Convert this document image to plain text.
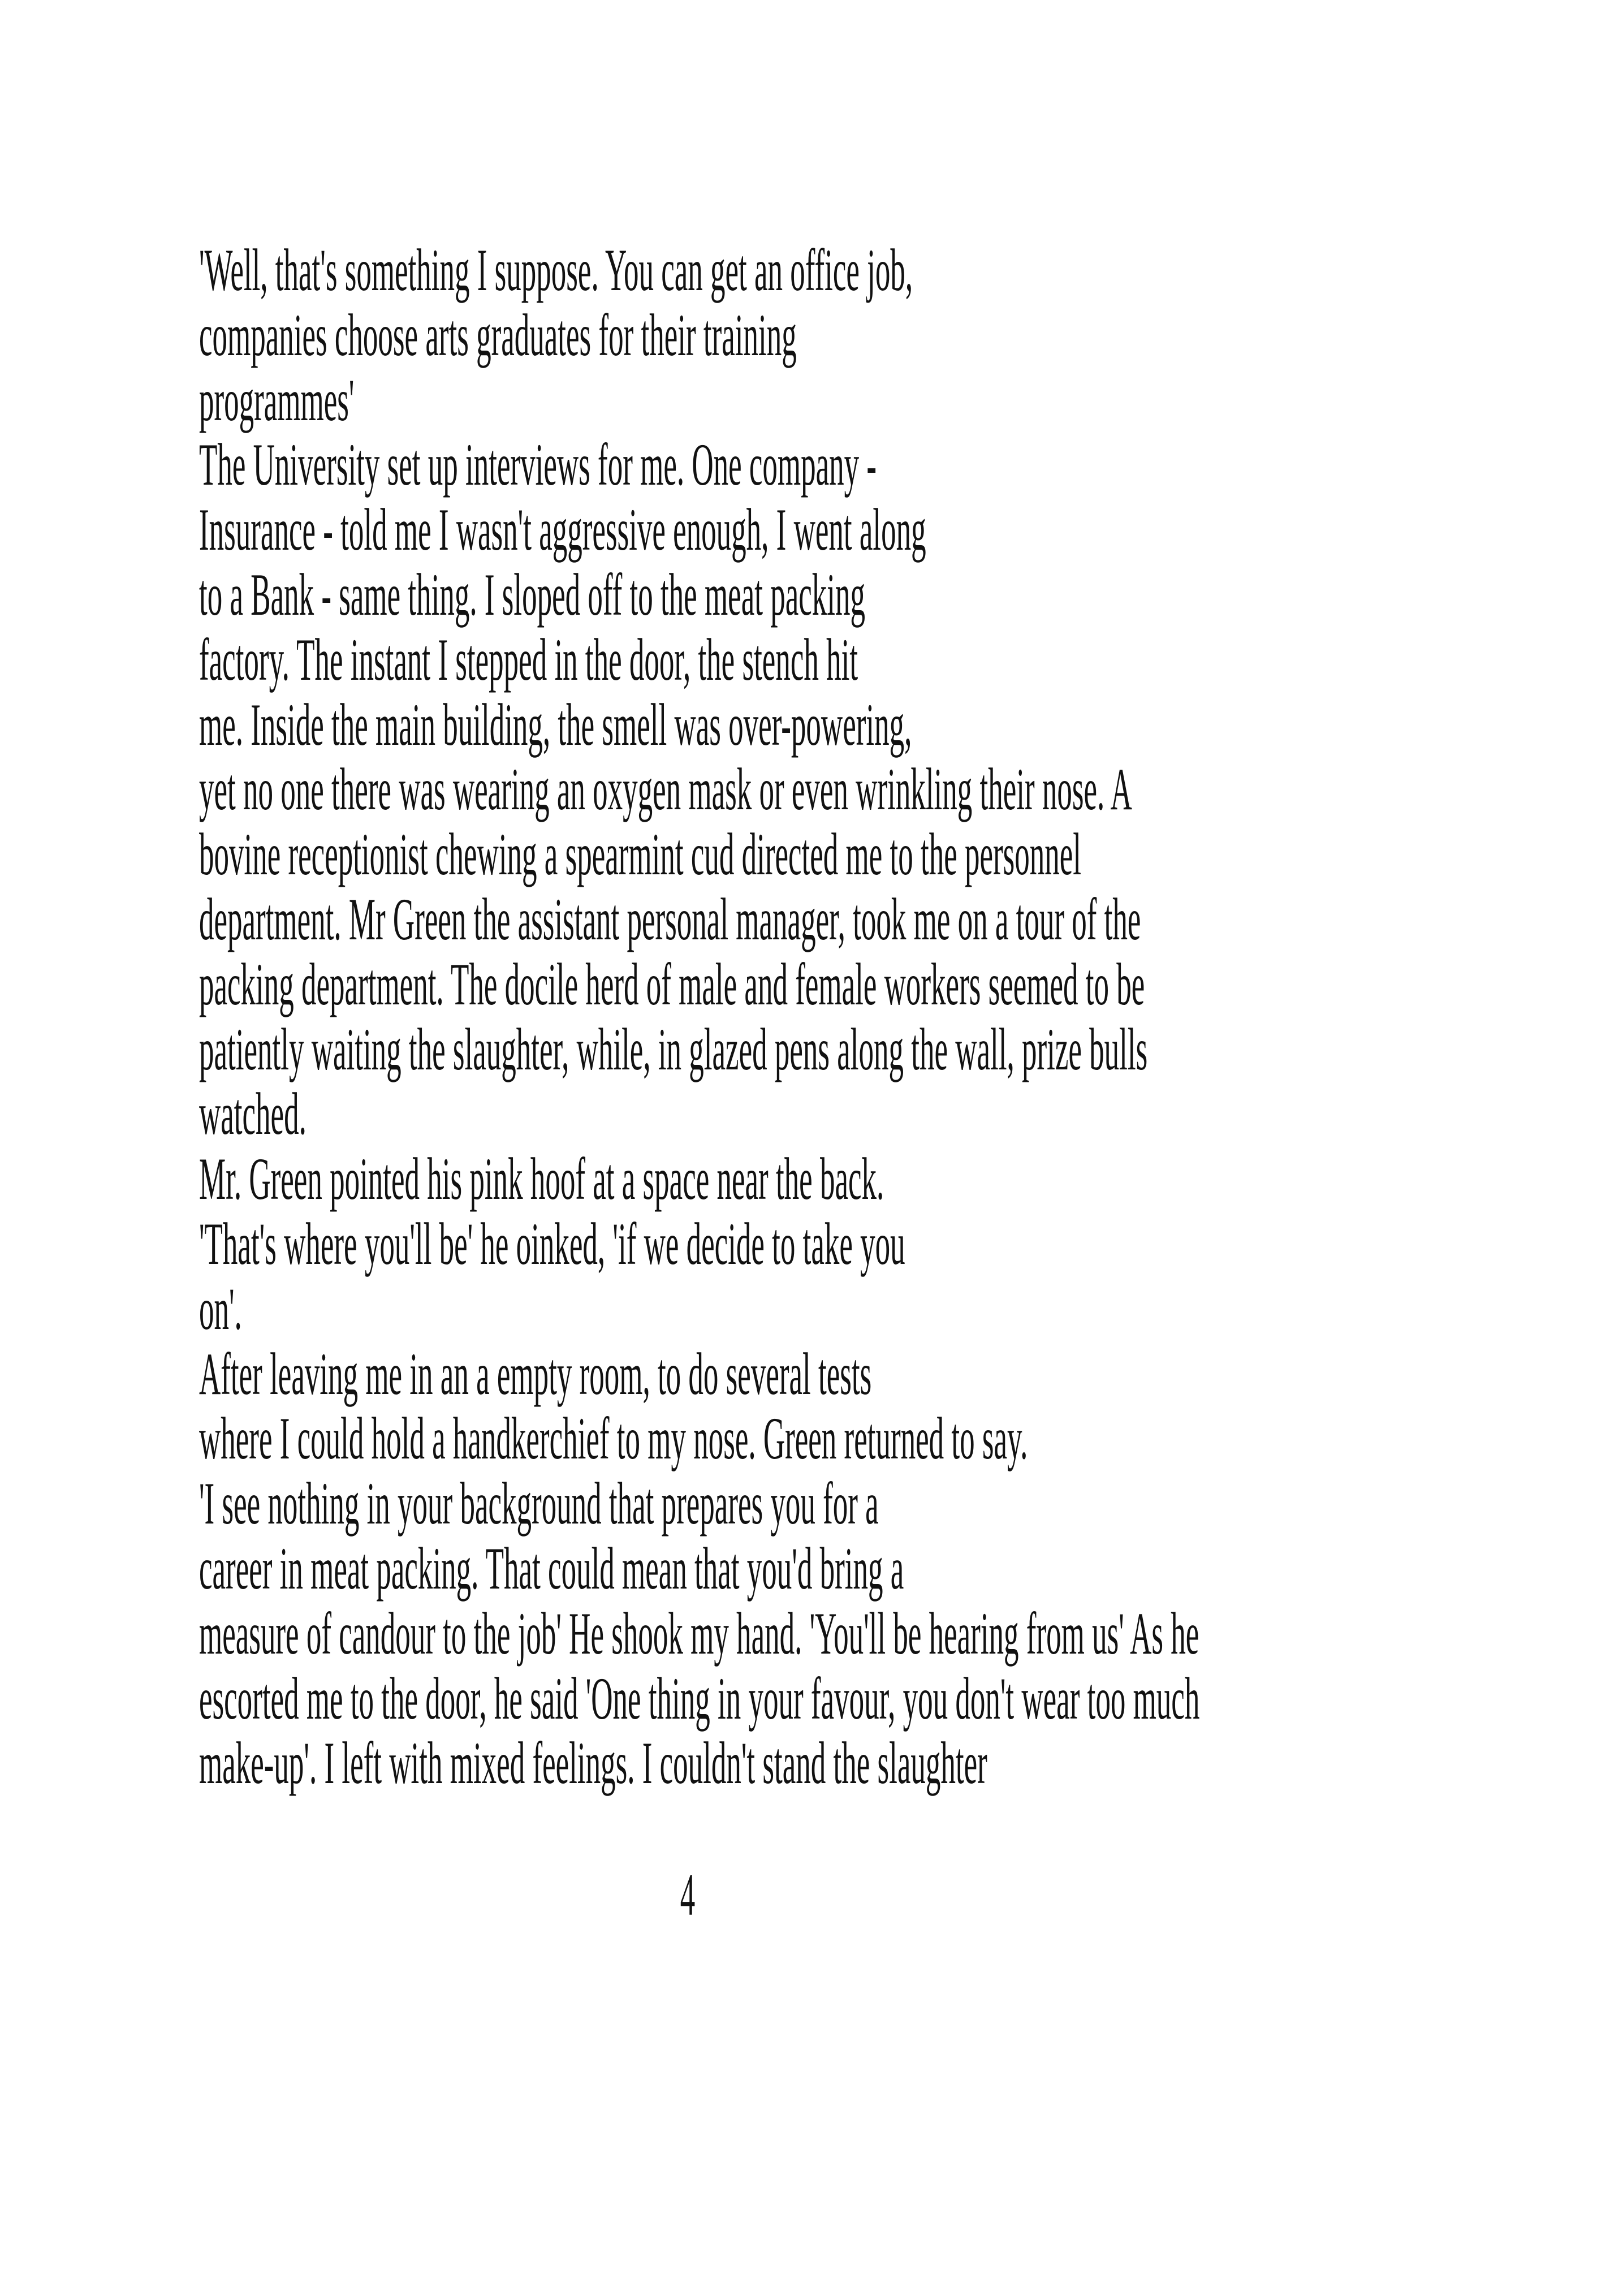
'Well, that's something I suppose. You can get an office job,
companies choose arts graduates for their training
programmes'
The University set up interviews for me. One company -
Insurance - told me I wasn't aggressive enough, I went along
to a Bank - same thing. I sloped off to the meat packing
factory. The instant I stepped in the door, the stench hit
me. Inside the main building, the smell was over-powering,
yet no one there was wearing an oxygen mask or even wrinkling their nose. A
bovine receptionist chewing a spearmint cud directed me to the personnel
department. Mr Green the assistant personal manager, took me on a tour of the
packing department. The docile herd of male and female workers seemed to be
patiently waiting the slaughter, while, in glazed pens along the wall, prize bulls
watched.
Mr. Green pointed his pink hoof at a space near the back.
'That's where you'll be' he oinked, 'if we decide to take you
on'.
After leaving me in an a empty room, to do several tests
where I could hold a handkerchief to my nose. Green returned to say.
'I see nothing in your background that prepares you for a
career in meat packing. That could mean that you'd bring a
measure of candour to the job' He shook my hand. 'You'll be hearing from us' As he
escorted me to the door, he said 'One thing in your favour, you don't wear too much
make-up'. I left with mixed feelings. I couldn't stand the slaughter
4
